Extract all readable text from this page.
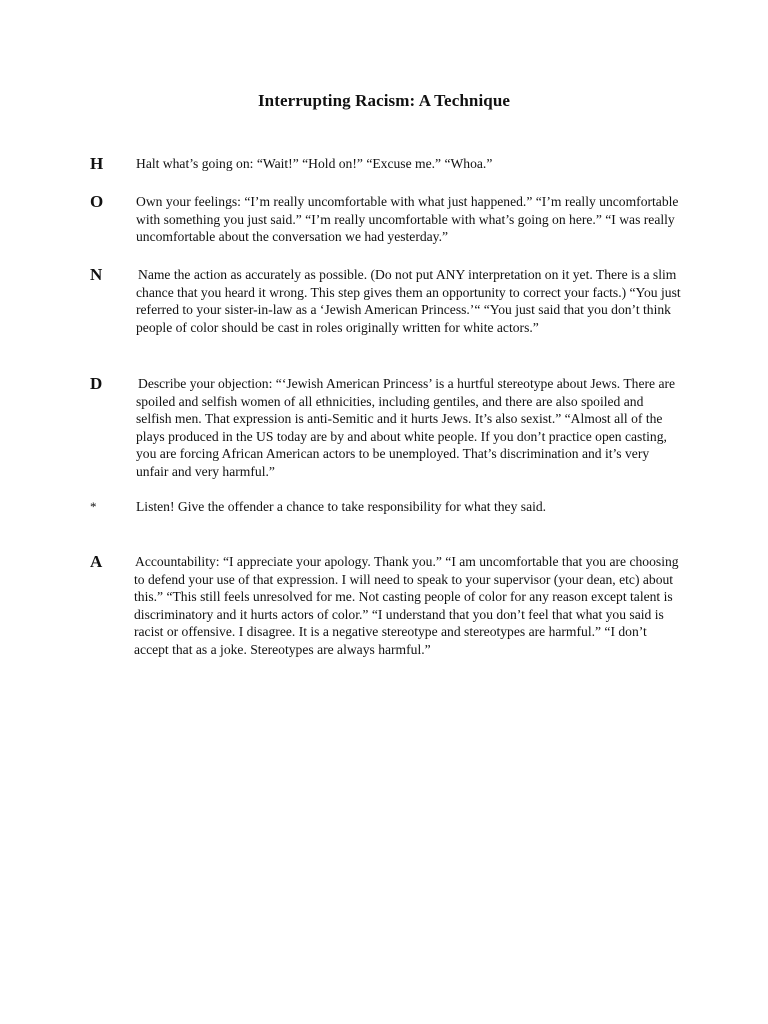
Interrupting Racism: A Technique
H Halt what’s going on: “Wait!” “Hold on!” “Excuse me.” “Whoa.”
O Own your feelings: “I’m really uncomfortable with what just happened.” “I’m really uncomfortable with something you just said.” “I’m really uncomfortable with what’s going on here.” “I was really uncomfortable about the conversation we had yesterday.”
N	Name the action as accurately as possible. (Do not put ANY interpretation on it yet. There is a slim chance that you heard it wrong. This step gives them an opportunity to correct your facts.) “You just referred to your sister-in-law as a ‘Jewish American Princess.’“ “You just said that you don’t think people of color should be cast in roles originally written for white actors.”
D	Describe your objection: “‘Jewish American Princess’ is a hurtful stereotype about Jews. There are spoiled and selfish women of all ethnicities, including gentiles, and there are also spoiled and selfish men. That expression is anti-Semitic and it hurts Jews. It’s also sexist.” “Almost all of the plays produced in the US today are by and about white people. If you don’t practice open casting, you are forcing African American actors to be unemployed. That’s discrimination and it’s very unfair and very harmful.”
*	Listen! Give the offender a chance to take responsibility for what they said.
A Accountability: “I appreciate your apology. Thank you.” “I am uncomfortable that you are choosing to defend your use of that expression. I will need to speak to your supervisor (your dean, etc) about this.” “This still feels unresolved for me. Not casting people of color for any reason except talent is discriminatory and it hurts actors of color.” “I understand that you don’t feel that what you said is racist or offensive. I disagree. It is a negative stereotype and stereotypes are harmful.” “I don’t accept that as a joke. Stereotypes are always harmful.”
